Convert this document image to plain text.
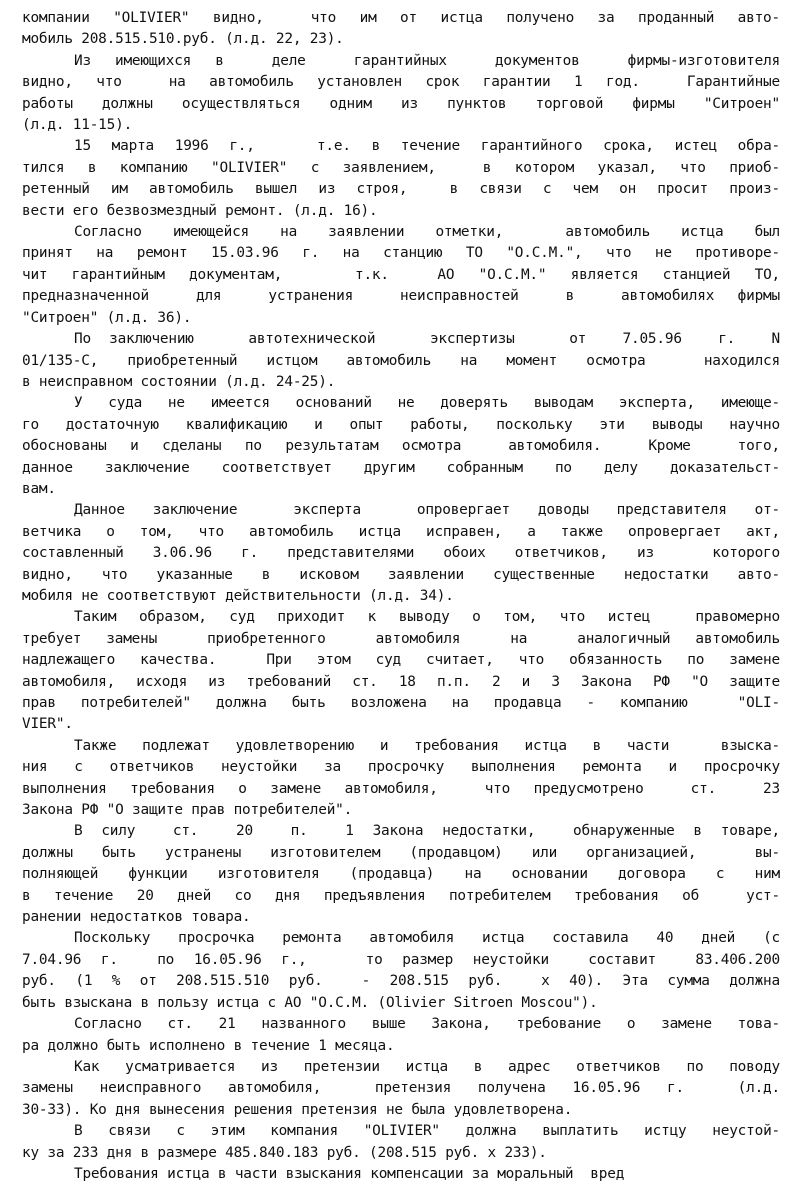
компании "OLIVIER" видно,  что им от истца получено за проданный авто-
мобиль 208.515.510.руб. (л.д. 22, 23).
Из имеющихся в  деле  гарантийных  документов  фирмы-изготовителя
видно, что  на автомобиль установлен срок гарантии 1 год.  Гарантийные
работы должны осуществляться одним из пунктов торговой фирмы "Ситроен"
(л.д. 11-15).
15 марта 1996 г.,   т.е. в течение гарантийного срока, истец обра-
тился в компанию "OLIVIER" с заявлением,  в котором указал, что приоб-
ретенный им автомобиль вышел из строя,  в связи с чем он просит произ-
вести его безвозмездный ремонт. (л.д. 16).
Согласно имеющейся на заявлении отметки,  автомобиль истца был
принят на ремонт 15.03.96 г. на станцию ТО "О.С.М.", что не противоре-
чит гарантийным документам,   т.к.  АО "О.С.М." является станцией ТО,
предназначенной  для  устранения  неисправностей  в  автомобилях фирмы
"Ситроен" (л.д. 36).
По заключению   автотехнической   экспертизы   от  7.05.96  г.  N
01/135-С, приобретенный истцом автомобиль на момент осмотра  находился
в неисправном состоянии (л.д. 24-25).
У суда не имеется оснований не доверять выводам эксперта, имеюще-
го достаточную квалификацию и опыт работы, поскольку эти выводы научно
обоснованы и сделаны по результатам осмотра  автомобиля.  Кроме  того,
данное заключение соответствует другим собранным по делу доказательст-
вам.
Данное заключение  эксперта  опровергает доводы представителя от-
ветчика о том, что автомобиль истца исправен, а также опровергает акт,
составленный 3.06.96 г. представителями обоих ответчиков, из  которого
видно, что указанные в исковом заявлении существенные недостатки авто-
мобиля не соответствуют действительности (л.д. 34).
Таким образом, суд приходит к выводу о том, что истец  правомерно
требует замены  приобретенного  автомобиля  на  аналогичный автомобиль
надлежащего качества.  При этом суд считает, что обязанность по замене
автомобиля, исходя из требований ст. 18 п.п. 2 и 3 Закона РФ "О защите
прав потребителей" должна быть возложена на продавца - компанию  "OLI-
VIER".
Также подлежат удовлетворению и требования истца в части  взыска-
ния с ответчиков неустойки за просрочку выполнения ремонта и просрочку
выполнения требования о замене автомобиля,  что предусмотрено  ст.  23
Закона РФ "О защите прав потребителей".
В силу  ст.  20  п.  1 Закона недостатки,  обнаруженные в товаре,
должны быть устранены изготовителем (продавцом) или организацией,  вы-
полняющей функции изготовителя (продавца) на основании договора с ним
в течение 20 дней со дня предъявления потребителем требования об  уст-
ранении недостатков товара.
Поскольку просрочка ремонта автомобиля истца составила 40 дней (с
7.04.96 г.  по 16.05.96 г.,   то размер неустойки  составит  83.406.200
руб. (1 % от 208.515.510 руб.  - 208.515 руб.  х 40). Эта сумма должна
быть взыскана в пользу истца с АО "О.С.М. (Olivier Sitroen Moscou").
Согласно ст. 21 названного выше Закона, требование о замене това-
ра должно быть исполнено в течение 1 месяца.
Как усматривается из претензии истца в адрес ответчиков по поводу
замены неисправного автомобиля,  претензия получена 16.05.96 г.  (л.д.
30-33). Ко дня вынесения решения претензия не была удовлетворена.
В связи с этим компания "OLIVIER" должна выплатить истцу неустой-
ку за 233 дня в размере 485.840.183 руб. (208.515 руб. х 233).
Требования истца в части взыскания компенсации за моральный  вред
